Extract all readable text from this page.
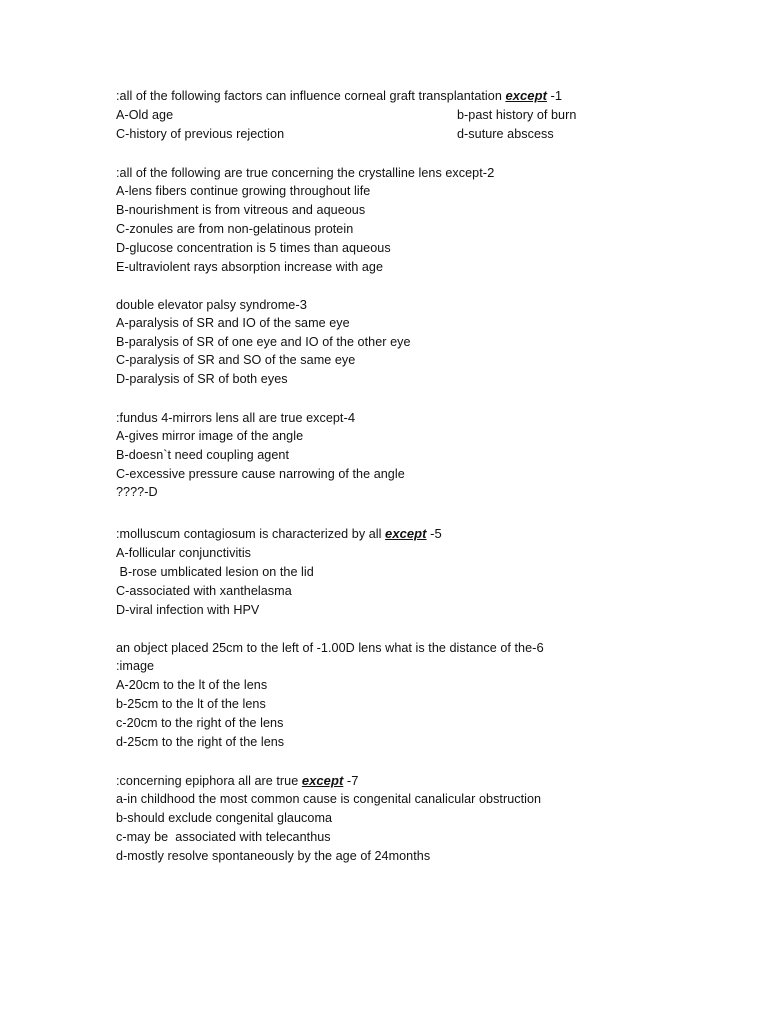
:all of the following factors can influence corneal graft transplantation except -1
A-Old age	b-past history of burn
C-history of previous rejection	d-suture abscess
:all of the following are true concerning the crystalline lens except-2
A-lens fibers continue growing throughout life
B-nourishment is from vitreous and aqueous
C-zonules are from non-gelatinous protein
D-glucose concentration is 5 times than aqueous
E-ultraviolent rays absorption increase with age
double elevator palsy syndrome-3
A-paralysis of SR and IO of the same eye
B-paralysis of SR of one eye and IO of the other eye
C-paralysis of SR and SO of the same eye
D-paralysis of SR of both eyes
:fundus 4-mirrors lens all are true except-4
A-gives mirror image of the angle
B-doesn`t need coupling agent
C-excessive pressure cause narrowing of the angle
????-D
:molluscum contagiosum is characterized by all except -5
A-follicular conjunctivitis
B-rose umblicated lesion on the lid
C-associated with xanthelasma
D-viral infection with HPV
an object placed 25cm to the left of -1.00D lens what is the distance of the-6
:image
A-20cm to the lt of the lens
b-25cm to the lt of the lens
c-20cm to the right of the lens
d-25cm to the right of the lens
:concerning epiphora all are true except -7
a-in childhood the most common cause is congenital canalicular obstruction
b-should exclude congenital glaucoma
c-may be  associated with telecanthus
d-mostly resolve spontaneously by the age of 24months
